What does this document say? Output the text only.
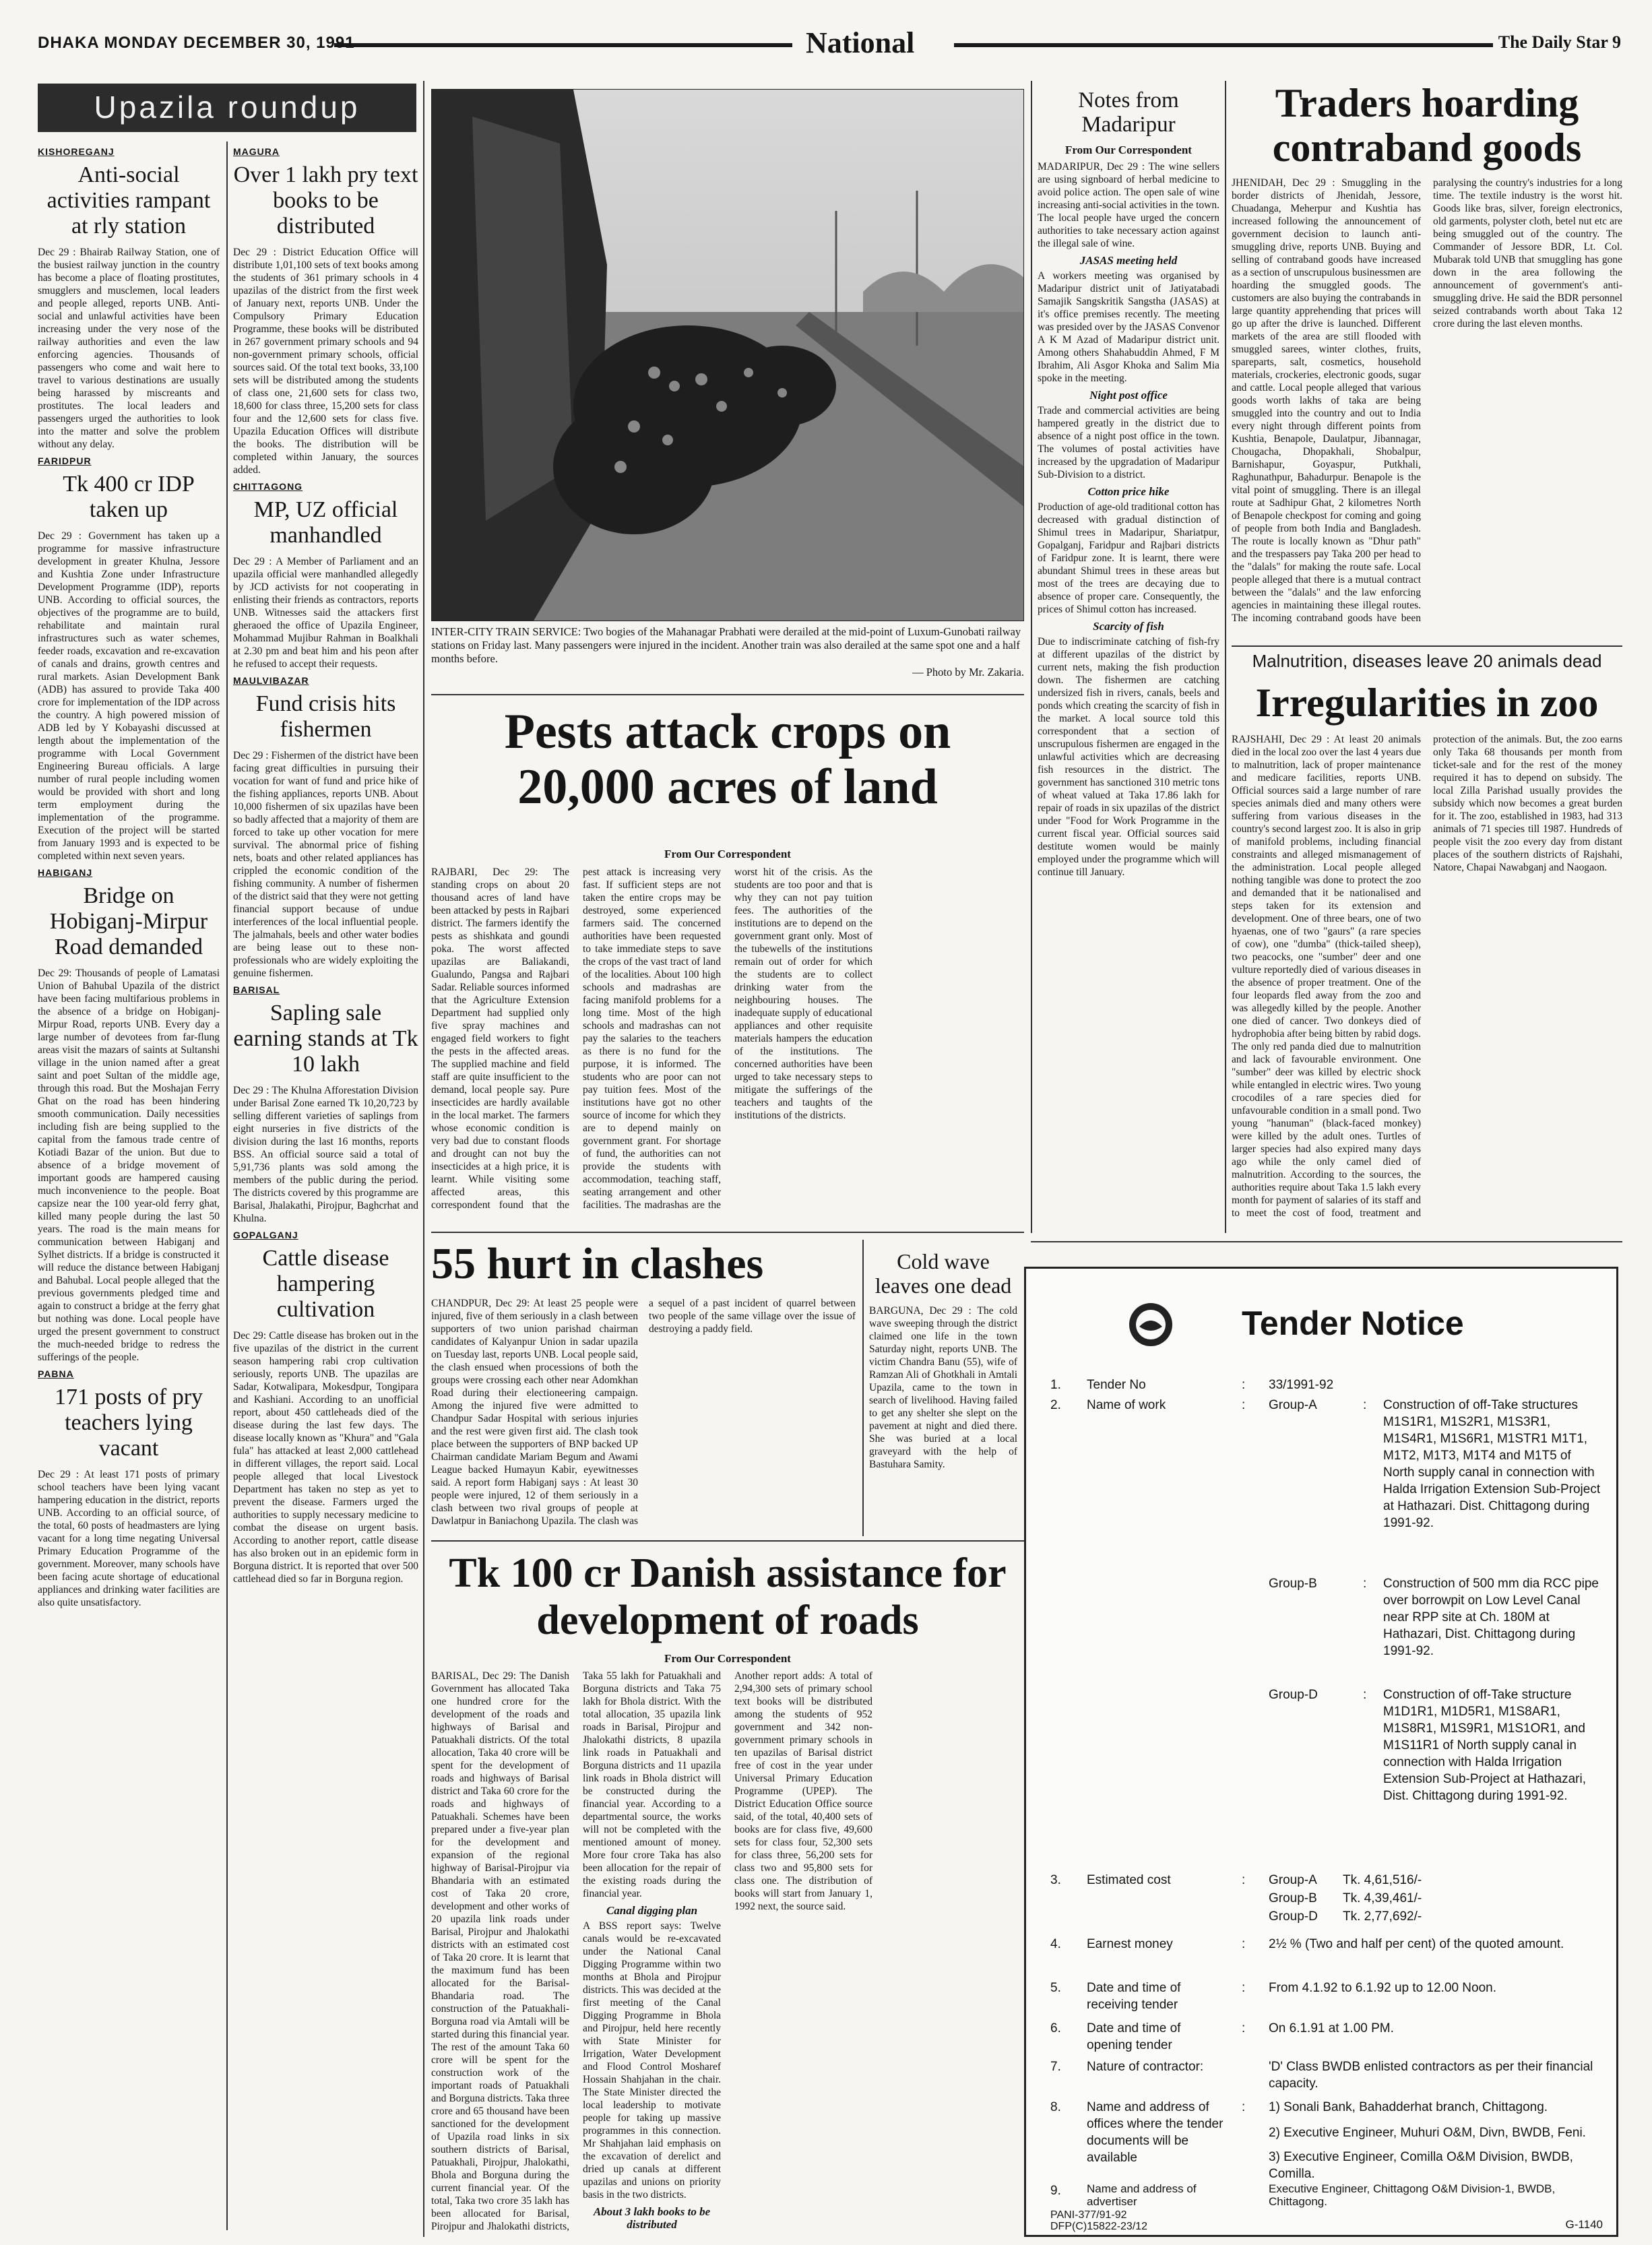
DHAKA MONDAY DECEMBER 30, 1991	National	The Daily Star 9
Upazila roundup
KISHOREGANJ
Anti-social activities rampant at rly station

Dec 29 : Bhairab Railway Station, one of the busiest railway junction in the country has become a place of floating prostitutes, smugglers and musclemen, local leaders and people alleged, reports UNB. Anti-social and unlawful activities have been increasing under the very nose of the railway authorities and even the law enforcing agencies. Thousands of passengers who come and wait here to travel to various destinations are usually being harassed by miscreants and prostitutes. The local leaders and passengers urged the authorities to look into the matter and solve the problem without any delay.

FARIDPUR
Tk 400 cr IDP taken up

Dec 29 : Government has taken up a programme for massive infrastructure development in greater Khulna, Jessore and Kushtia Zone under Infrastructure Development Programme (IDP), reports UNB. According to official sources, the objectives of the programme are to build, rehabilitate and maintain rural infrastructures such as water schemes, feeder roads, excavation and re-excavation of canals and drains, growth centres and rural markets. Asian Development Bank (ADB) has assured to provide Taka 400 crore for implementation of the IDP across the country. A high powered mission of ADB led by Y Kobayashi discussed at length about the implementation of the programme with Local Government Engineering Bureau officials. A large number of rural people including women would be provided with short and long term employment during the implementation of the programme. Execution of the project will be started from January 1993 and is expected to be completed within next seven years.

HABIGANJ
Bridge on Hobiganj-Mirpur Road demanded

Dec 29: Thousands of people of Lamatasi Union of Bahubal Upazila of the district have been facing multifarious problems in the absence of a bridge on Hobiganj-Mirpur Road, reports UNB. Every day a large number of devotees from far-flung areas visit the mazars of saints at Sultanshi village in the union named after a great saint and poet Sultan of the middle age, through this road. But the Moshajan Ferry Ghat on the road has been hindering smooth communication. Daily necessities including fish are being supplied to the capital from the famous trade centre of Kotiadi Bazar of the union. But due to absence of a bridge movement of important goods are hampered causing much inconvenience to the people. Boat capsize near the 100 year-old ferry ghat, killed many people during the last 50 years. The road is the main means for communication between Habiganj and Sylhet districts. If a bridge is constructed it will reduce the distance between Habiganj and Bahubal. Local people alleged that the previous governments pledged time and again to construct a bridge at the ferry ghat but nothing was done. Local people have urged the present government to construct the much-needed bridge to redress the sufferings of the people.

PABNA
171 posts of pry teachers lying vacant

Dec 29 : At least 171 posts of primary school teachers have been lying vacant hampering education in the district, reports UNB. According to an official source, of the total, 60 posts of headmasters are lying vacant for a long time negating Universal Primary Education Programme of the government. Moreover, many schools have been facing acute shortage of educational appliances and drinking water facilities are also quite unsatisfactory.

MAGURA
Over 1 lakh pry text books to be distributed

Dec 29 : District Education Office will distribute 1,01,100 sets of text books among the students of 361 primary schools in 4 upazilas of the district from the first week of January next, reports UNB. Under the Compulsory Primary Education Programme, these books will be distributed in 267 government primary schools and 94 non-government primary schools, official sources said. Of the total text books, 33,100 sets will be distributed among the students of class one, 21,600 sets for class two, 18,600 for class three, 15,200 sets for class four and the 12,600 sets for class five. Upazila Education Offices will distribute the books. The distribution will be completed within January, the sources added.

CHITTAGONG
MP, UZ official manhandled

Dec 29 : A Member of Parliament and an upazila official were manhandled allegedly by JCD activists for not cooperating in enlisting their friends as contractors, reports UNB. Witnesses said the attackers first gheraoed the office of Upazila Engineer, Mohammad Mujibur Rahman in Boalkhali at 2.30 pm and beat him and his peon after he refused to accept their requests.

MAULVIBAZAR
Fund crisis hits fishermen

Dec 29 : Fishermen of the district have been facing great difficulties in pursuing their vocation for want of fund and price hike of the fishing appliances, reports UNB. About 10,000 fishermen of six upazilas have been so badly affected that a majority of them are forced to take up other vocation for mere survival. The abnormal price of fishing nets, boats and other related appliances has crippled the economic condition of the fishing community. A number of fishermen of the district said that they were not getting financial support because of undue interferences of the local influential people. The jalmahals, beels and other water bodies are being lease out to these non-professionals who are widely exploiting the genuine fishermen.

BARISAL
Sapling sale earning stands at Tk 10 lakh

Dec 29 : The Khulna Afforestation Division under Barisal Zone earned Tk 10,20,723 by selling different varieties of saplings from eight nurseries in five districts of the division during the last 16 months, reports BSS. An official source said a total of 5,91,736 plants was sold among the members of the public during the period. The districts covered by this programme are Barisal, Jhalakathi, Pirojpur, Baghcrhat and Khulna.

GOPALGANJ
Cattle disease hampering cultivation

Dec 29: Cattle disease has broken out in the five upazilas of the district in the current season hampering rabi crop cultivation seriously, reports UNB. The upazilas are Sadar, Kotwalipara, Mokesdpur, Tongipara and Kashiani. According to an unofficial report, about 450 cattleheads died of the disease during the last few days. The disease locally known as "Khura" and "Gala fula" has attacked at least 2,000 cattlehead in different villages, the report said. Local people alleged that local Livestock Department has taken no step as yet to prevent the disease. Farmers urged the authorities to supply necessary medicine to combat the disease on urgent basis. According to another report, cattle disease has also broken out in an epidemic form in Borguna district. It is reported that over 500 cattlehead died so far in Borguna region.

INTER-CITY TRAIN SERVICE: Two bogies of the Mahanagar Prabhati were derailed at the mid-point of Luxum-Gunobati railway stations on Friday last. Many passengers were injured in the incident. Another train was also derailed at the same spot one and a half months before.
— Photo by Mr. Zakaria.
Pests attack crops on 20,000 acres of land
From Our Correspondent

RAJBARI, Dec 29: The standing crops on about 20 thousand acres of land have been attacked by pests in Rajbari district. The farmers identify the pests as shishkata and goundi poka. The worst affected upazilas are Baliakandi, Gualundo, Pangsa and Rajbari Sadar. Reliable sources informed that the Agriculture Extension Department had supplied only five spray machines and engaged field workers to fight the pests in the affected areas. The supplied machine and field staff are quite insufficient to the demand, local people say. Pure insecticides are hardly available in the local market. The farmers whose economic condition is very bad due to constant floods and drought can not buy the insecticides at a high price, it is learnt. While visiting some affected areas, this correspondent found that the pest attack is increasing very fast. If sufficient steps are not taken the entire crops may be destroyed, some experienced farmers said. The concerned authorities have been requested to take immediate steps to save the crops of the vast tract of land of the localities. About 100 high schools and madrashas are facing manifold problems for a long time. Most of the high schools and madrashas can not pay the salaries to the teachers as there is no fund for the purpose, it is informed. The students who are poor can not pay tuition fees. Most of the institutions have got no other source of income for which they are to depend mainly on government grant. For shortage of fund, the authorities can not provide the students with accommodation, teaching staff, seating arrangement and other facilities. The madrashas are the worst hit of the crisis. As the students are too poor and that is why they can not pay tuition fees. The authorities of the institutions are to depend on the government grant only. Most of the tubewells of the institutions remain out of order for which the students are to collect drinking water from the neighbouring houses. The inadequate supply of educational appliances and other requisite materials hampers the education of the institutions. The concerned authorities have been urged to take necessary steps to mitigate the sufferings of the teachers and taughts of the institutions of the districts.

Notes from Madaripur
From Our Correspondent

MADARIPUR, Dec 29 : The wine sellers are using signboard of herbal medicine to avoid police action. The open sale of wine increasing anti-social activities in the town. The local people have urged the concern authorities to take necessary action against the illegal sale of wine.

JASAS meeting held

A workers meeting was organised by Madaripur district unit of Jatiyatabadi Samajik Sangskritik Sangstha (JASAS) at it's office premises recently. The meeting was presided over by the JASAS Convenor A K M Azad of Madaripur district unit. Among others Shahabuddin Ahmed, F M Ibrahim, Ali Asgor Khoka and Salim Mia spoke in the meeting.

Night post office

Trade and commercial activities are being hampered greatly in the district due to absence of a night post office in the town. The volumes of postal activities have increased by the upgradation of Madaripur Sub-Division to a district.

Cotton price hike

Production of age-old traditional cotton has decreased with gradual distinction of Shimul trees in Madaripur, Shariatpur, Gopalganj, Faridpur and Rajbari districts of Faridpur zone. It is learnt, there were abundant Shimul trees in these areas but most of the trees are decaying due to absence of proper care. Consequently, the prices of Shimul cotton has increased.

Scarcity of fish

Due to indiscriminate catching of fish-fry at different upazilas of the district by current nets, making the fish production down. The fishermen are catching undersized fish in rivers, canals, beels and ponds which creating the scarcity of fish in the market. A local source told this correspondent that a section of unscrupulous fishermen are engaged in the unlawful activities which are decreasing fish resources in the district. The government has sanctioned 310 metric tons of wheat valued at Taka 17.86 lakh for repair of roads in six upazilas of the district under "Food for Work Programme in the current fiscal year. Official sources said destitute women would be mainly employed under the programme which will continue till January.

Traders hoarding contraband goods

JHENIDAH, Dec 29 : Smuggling in the border districts of Jhenidah, Jessore, Chuadanga, Meherpur and Kushtia has increased following the announcement of government decision to launch anti-smuggling drive, reports UNB. Buying and selling of contraband goods have increased as a section of unscrupulous businessmen are hoarding the smuggled goods. The customers are also buying the contrabands in large quantity apprehending that prices will go up after the drive is launched. Different markets of the area are still flooded with smuggled sarees, winter clothes, fruits, spareparts, salt, cosmetics, household materials, crockeries, electronic goods, sugar and cattle. Local people alleged that various goods worth lakhs of taka are being smuggled into the country and out to India every night through different points from Kushtia, Benapole, Daulatpur, Jibannagar, Chougacha, Dhopakhali, Shobalpur, Barnishapur, Goyaspur, Putkhali, Raghunathpur, Bahadurpur. Benapole is the vital point of smuggling. There is an illegal route at Sadhipur Ghat, 2 kilometres North of Benapole checkpost for coming and going of people from both India and Bangladesh. The route is locally known as "Dhur path" and the trespassers pay Taka 200 per head to the "dalals" for making the route safe. Local people alleged that there is a mutual contract between the "dalals" and the law enforcing agencies in maintaining these illegal routes. The incoming contraband goods have been paralysing the country's industries for a long time. The textile industry is the worst hit. Goods like bras, silver, foreign electronics, old garments, polyster cloth, betel nut etc are being smuggled out of the country. The Commander of Jessore BDR, Lt. Col. Mubarak told UNB that smuggling has gone down in the area following the announcement of government's anti-smuggling drive. He said the BDR personnel seized contrabands worth about Taka 12 crore during the last eleven months.

Malnutrition, diseases leave 20 animals dead
Irregularities in zoo

RAJSHAHI, Dec 29 : At least 20 animals died in the local zoo over the last 4 years due to malnutrition, lack of proper maintenance and medicare facilities, reports UNB. Official sources said a large number of rare species animals died and many others were suffering from various diseases in the country's second largest zoo. It is also in grip of manifold problems, including financial constraints and alleged mismanagement of the administration. Local people alleged nothing tangible was done to protect the zoo and demanded that it be nationalised and steps taken for its extension and development. One of three bears, one of two hyaenas, one of two "gaurs" (a rare species of cow), one "dumba" (thick-tailed sheep), two peacocks, one "sumber" deer and one vulture reportedly died of various diseases in the absence of proper treatment. One of the four leopards fled away from the zoo and was allegedly killed by the people. Another one died of cancer. Two donkeys died of hydrophobia after being bitten by rabid dogs. The only red panda died due to malnutrition and lack of favourable environment. One "sumber" deer was killed by electric shock while entangled in electric wires. Two young crocodiles of a rare species died for unfavourable condition in a small pond. Two young "hanuman" (black-faced monkey) were killed by the adult ones. Turtles of larger species had also expired many days ago while the only camel died of malnutrition. According to the sources, the authorities require about Taka 1.5 lakh every month for payment of salaries of its staff and to meet the cost of food, treatment and protection of the animals. But, the zoo earns only Taka 68 thousands per month from ticket-sale and for the rest of the money required it has to depend on subsidy. The local Zilla Parishad usually provides the subsidy which now becomes a great burden for it. The zoo, established in 1983, had 313 animals of 71 species till 1987. Hundreds of people visit the zoo every day from distant places of the southern districts of Rajshahi, Natore, Chapai Nawabganj and Naogaon.

55 hurt in clashes

CHANDPUR, Dec 29: At least 25 people were injured, five of them seriously in a clash between supporters of two union parishad chairman candidates of Kalyanpur Union in sadar upazila on Tuesday last, reports UNB. Local people said, the clash ensued when processions of both the groups were crossing each other near Adomkhan Road during their electioneering campaign. Among the injured five were admitted to Chandpur Sadar Hospital with serious injuries and the rest were given first aid. The clash took place between the supporters of BNP backed UP Chairman candidate Mariam Begum and Awami League backed Humayun Kabir, eyewitnesses said. A report form Habiganj says : At least 30 people were injured, 12 of them seriously in a clash between two rival groups of people at Dawlatpur in Baniachong Upazila. The clash was a sequel of a past incident of quarrel between two people of the same village over the issue of destroying a paddy field.

Cold wave leaves one dead

BARGUNA, Dec 29 : The cold wave sweeping through the district claimed one life in the town Saturday night, reports UNB. The victim Chandra Banu (55), wife of Ramzan Ali of Ghotkhali in Amtali Upazila, came to the town in search of livelihood. Having failed to get any shelter she slept on the pavement at night and died there. She was buried at a local graveyard with the help of Bastuhara Samity.

Tk 100 cr Danish assistance for development of roads
From Our Correspondent

BARISAL, Dec 29: The Danish Government has allocated Taka one hundred crore for the development of the roads and highways of Barisal and Patuakhali districts. Of the total allocation, Taka 40 crore will be spent for the development of roads and highways of Barisal district and Taka 60 crore for the roads and highways of Patuakhali. Schemes have been prepared under a five-year plan for the development and expansion of the regional highway of Barisal-Pirojpur via Bhandaria with an estimated cost of Taka 20 crore, development and other works of 20 upazila link roads under Barisal, Pirojpur and Jhalokathi districts with an estimated cost of Taka 20 crore. It is learnt that the maximum fund has been allocated for the Barisal-Bhandaria road. The construction of the Patuakhali-Borguna road via Amtali will be started during this financial year. The rest of the amount Taka 60 crore will be spent for the construction work of the important roads of Patuakhali and Borguna districts. Taka three crore and 65 thousand have been sanctioned for the development of Upazila road links in six southern districts of Barisal, Patuakhali, Pirojpur, Jhalokathi, Bhola and Borguna during the current financial year. Of the total, Taka two crore 35 lakh has been allocated for Barisal, Pirojpur and Jhalokathi districts, Taka 55 lakh for Patuakhali and Borguna districts and Taka 75 lakh for Bhola district. With the total allocation, 35 upazila link roads in Barisal, Pirojpur and Jhalokathi districts, 8 upazila link roads in Patuakhali and Borguna districts and 11 upazila link roads in Bhola district will be constructed during the financial year. According to a departmental source, the works will not be completed with the mentioned amount of money. More four crore Taka has also been allocation for the repair of the existing roads during the financial year.

Canal digging plan

A BSS report says: Twelve canals would be re-excavated under the National Canal Digging Programme within two months at Bhola and Pirojpur districts. This was decided at the first meeting of the Canal Digging Programme in Bhola and Pirojpur, held here recently with State Minister for Irrigation, Water Development and Flood Control Mosharef Hossain Shahjahan in the chair. The State Minister directed the local leadership to motivate people for taking up massive programmes in this connection. Mr Shahjahan laid emphasis on the excavation of derelict and dried up canals at different upazilas and unions on priority basis in the two districts.

About 3 lakh books to be distributed

Another report adds: A total of 2,94,300 sets of primary school text books will be distributed among the students of 952 government and 342 non-government primary schools in ten upazilas of Barisal district free of cost in the year under Universal Primary Education Programme (UPEP). The District Education Office source said, of the total, 40,400 sets of books are for class five, 49,600 sets for class four, 52,300 sets for class three, 56,200 sets for class two and 95,800 sets for class one. The distribution of books will start from January 1, 1992 next, the source said.

Tender Notice
1. Tender No	: 33/1991-92
2. Name of work	: Group-A	: Construction of off-Take structures M1S1R1, M1S2R1, M1S3R1, M1S4R1, M1S6R1, M1STR1 M1T1, M1T2, M1T3, M1T4 and M1T5 of North supply canal in connection with Halda Irrigation Extension Sub-Project at Hathazari. Dist. Chittagong during 1991-92.
Group-B	: Construction of 500 mm dia RCC pipe over borrowpit on Low Level Canal near RPP site at Ch. 180M at Hathazari, Dist. Chittagong during 1991-92.
Group-D	: Construction of off-Take structure M1D1R1, M1D5R1, M1S8AR1, M1S8R1, M1S9R1, M1S1OR1, and M1S11R1 of North supply canal in connection with Halda Irrigation Extension Sub-Project at Hathazari, Dist. Chittagong during 1991-92.
3. Estimated cost	: Group-A Tk. 4,61,516/-
Group-B Tk. 4,39,461/-
Group-D Tk. 2,77,692/-
4. Earnest money	: 2½ % (Two and half per cent) of the quoted amount.
5. Date and time of receiving tender
: From 4.1.92 to 6.1.92 up to 12.00 Noon.
6. Date and time of opening tender
: On 6.1.91 at 1.00 PM.
7. Nature of contractor:	'D' Class BWDB enlisted contractors as per their financial capacity.
8. Name and address of offices where the tender documents will be available
: 1) Sonali Bank, Bahadderhat branch, Chittagong.
2) Executive Engineer, Muhuri O&M, Divn, BWDB, Feni.
3) Executive Engineer, Comilla O&M Division, BWDB, Comilla.
9. Name and address of advertiser
Executive Engineer, Chittagong O&M Division-1, BWDB, Chittagong.
PANI-377/91-92
DFP(C)15822-23/12	G-1140
